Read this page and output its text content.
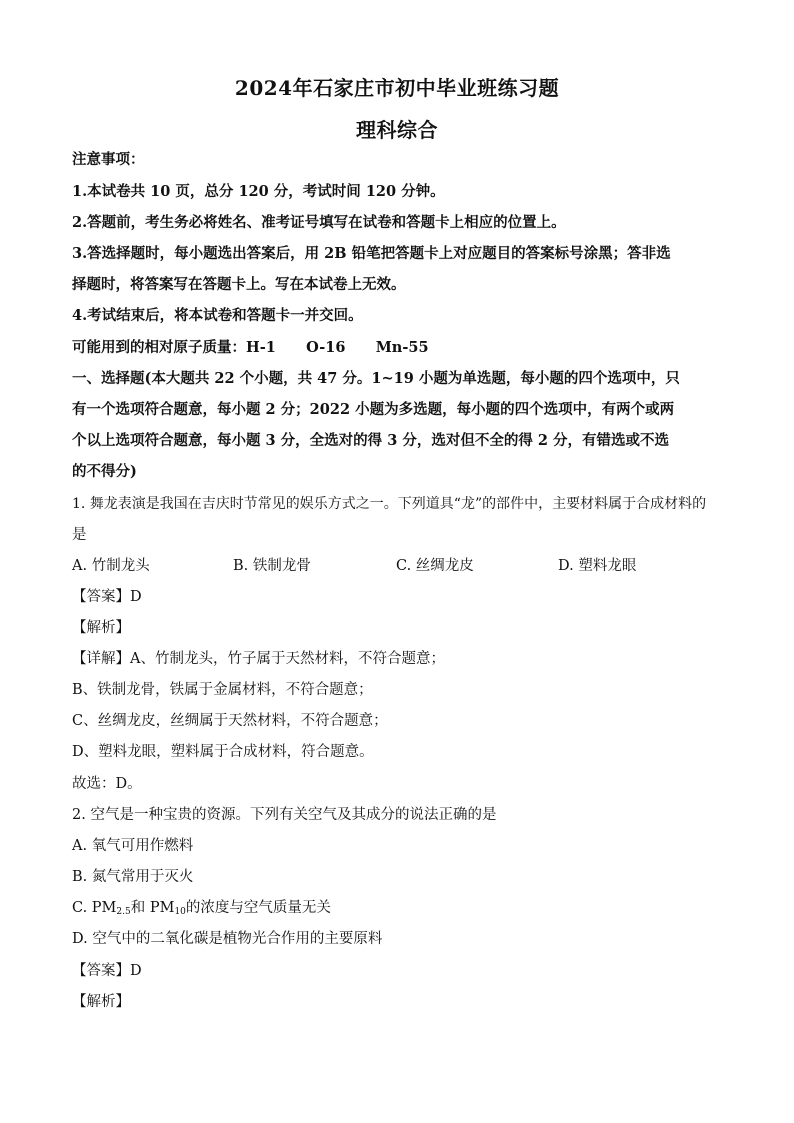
2024年石家庄市初中毕业班练习题
理科综合
注意事项：
1.本试卷共 10 页，总分 120 分，考试时间 120 分钟。
2.答题前，考生务必将姓名、准考证号填写在试卷和答题卡上相应的位置上。
3.答选择题时，每小题选出答案后，用 2B 铅笔把答题卡上对应题目的答案标号涂黑；答非选
择题时，将答案写在答题卡上。写在本试卷上无效。
4.考试结束后，将本试卷和答题卡一并交回。
可能用到的相对原子质量：H-1      O-16      Mn-55
一、选择题(本大题共 22 个小题，共 47 分。1~19 小题为单选题，每小题的四个选项中，只
有一个选项符合题意，每小题 2 分；2022 小题为多选题，每小题的四个选项中，有两个或两
个以上选项符合题意，每小题 3 分，全选对的得 3 分，选对但不全的得 2 分，有错选或不选
的不得分)
1. 舞龙表演是我国在吉庆时节常见的娱乐方式之一。下列道具“龙”的部件中，主要材料属于合成材料的
是
A. 竹制龙头	B. 铁制龙骨	C. 丝绸龙皮	D. 塑料龙眼
【答案】D
【解析】
【详解】A、竹制龙头，竹子属于天然材料，不符合题意；
B、铁制龙骨，铁属于金属材料，不符合题意；
C、丝绸龙皮，丝绸属于天然材料，不符合题意；
D、塑料龙眼，塑料属于合成材料，符合题意。
故选：D。
2. 空气是一种宝贵的资源。下列有关空气及其成分的说法正确的是
A. 氧气可用作燃料
B. 氮气常用于灭火
C. $PM_{2.5}$和 $PM_{10}$的浓度与空气质量无关
D. 空气中的二氧化碳是植物光合作用的主要原料
【答案】D
【解析】
